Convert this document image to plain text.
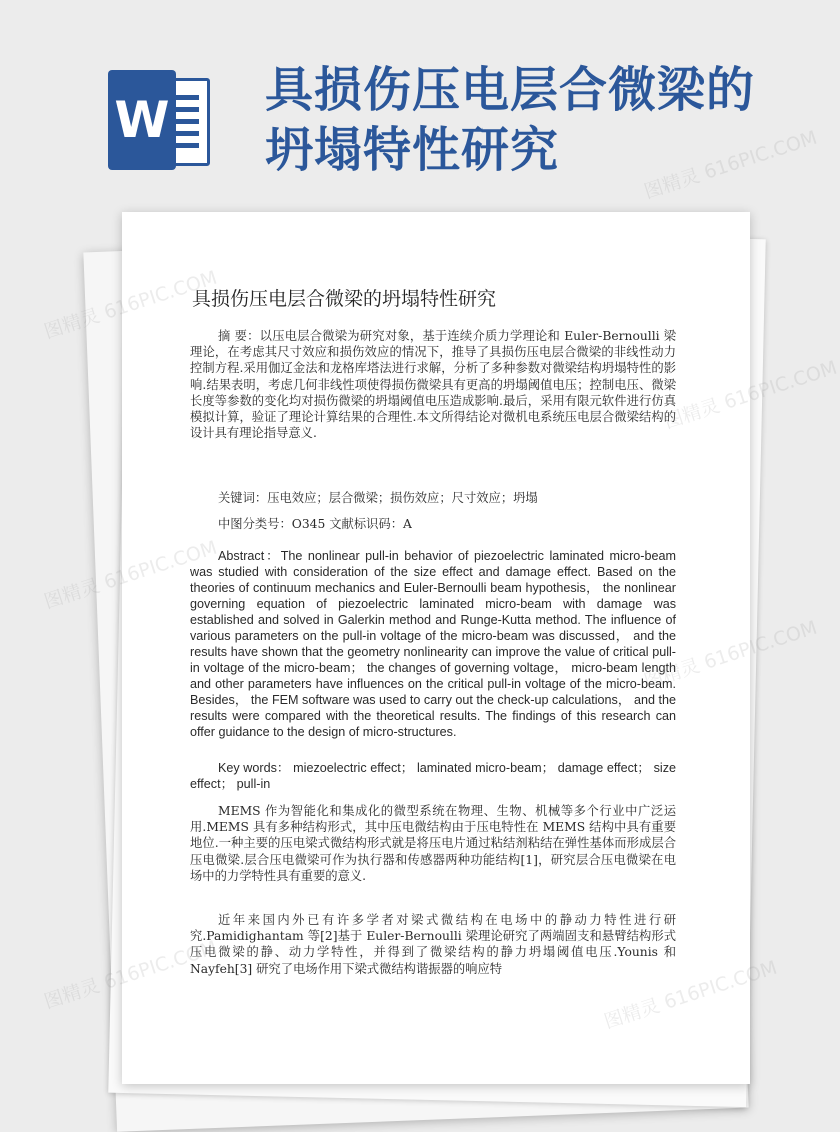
W
具损伤压电层合微梁的
坍塌特性研究
具损伤压电层合微梁的坍塌特性研究
摘 要：以压电层合微梁为研究对象，基于连续介质力学理论和 Euler-Bernoulli 梁理论，在考虑其尺寸效应和损伤效应的情况下，推导了具损伤压电层合微梁的非线性动力控制方程.采用伽辽金法和龙格库塔法进行求解，分析了多种参数对微梁结构坍塌特性的影响.结果表明，考虑几何非线性项使得损伤微梁具有更高的坍塌阈值电压；控制电压、微梁长度等参数的变化均对损伤微梁的坍塌阈值电压造成影响.最后，采用有限元软件进行仿真模拟计算，验证了理论计算结果的合理性.本文所得结论对微机电系统压电层合微梁结构的设计具有理论指导意义.
关键词：压电效应；层合微梁；损伤效应；尺寸效应；坍塌
中图分类号：O345 文献标识码：A
Abstract：The nonlinear pull-in behavior of piezoelectric laminated micro-beam was studied with consideration of the size effect and damage effect. Based on the theories of continuum mechanics and Euler-Bernoulli beam hypothesis， the nonlinear governing equation of piezoelectric laminated micro-beam with damage was established and solved in Galerkin method and Runge-Kutta method. The influence of various parameters on the pull-in voltage of the micro-beam was discussed， and the results have shown that the geometry nonlinearity can improve the value of critical pull-in voltage of the micro-beam； the changes of governing voltage， micro-beam length and other parameters have influences on the critical pull-in voltage of the micro-beam. Besides， the FEM software was used to carry out the check-up calculations， and the results were compared with the theoretical results. The findings of this research can offer guidance to the design of micro-structures.
Key words： miezoelectric effect； laminated micro-beam； damage effect； size effect； pull-in
MEMS 作为智能化和集成化的微型系统在物理、生物、机械等多个行业中广泛运用.MEMS 具有多种结构形式，其中压电微结构由于压电特性在 MEMS 结构中具有重要地位.一种主要的压电梁式微结构形式就是将压电片通过粘结剂粘结在弹性基体而形成层合压电微梁.层合压电微梁可作为执行器和传感器两种功能结构[1]，研究层合压电微梁在电场中的力学特性具有重要的意义.
近年来国内外已有许多学者对梁式微结构在电场中的静动力特性进行研究.Pamidighantam 等[2]基于 Euler-Bernoulli 梁理论研究了两端固支和悬臂结构形式压电微梁的静、动力学特性，并得到了微梁结构的静力坍塌阈值电压.Younis 和 Nayfeh[3] 研究了电场作用下梁式微结构谐振器的响应特
图精灵
图精灵 616PIC.COM
616PIC.COM
图精灵
616PIC.COM
图精灵
